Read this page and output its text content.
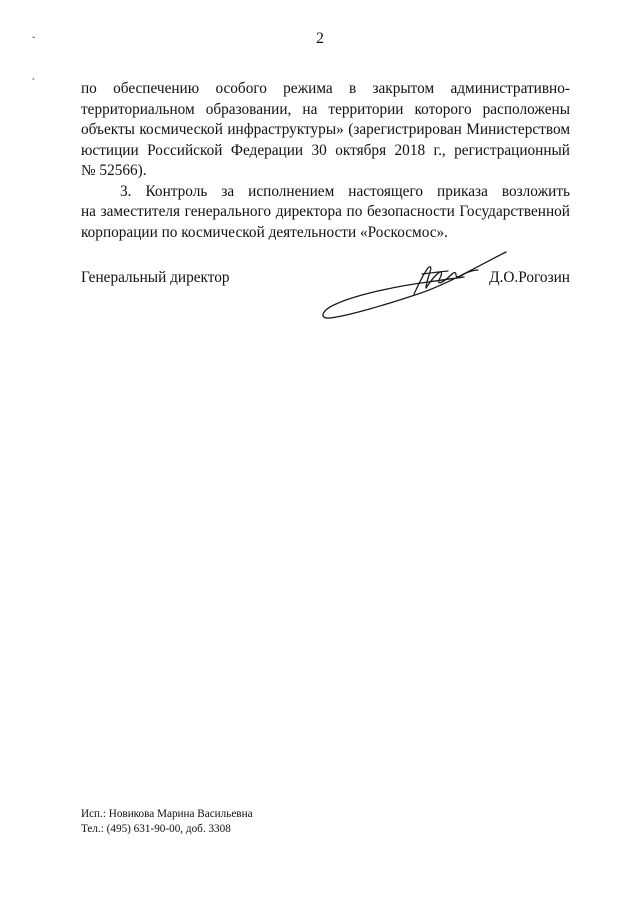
2
ˇ
˛

по обеспечению особого режима в закрытом административно-
территориальном образовании, на территории которого расположены
объекты космической инфраструктуры» (зарегистрирован Министерством
юстиции Российской Федерации 30 октября 2018 г., регистрационный
№ 52566).

3. Контроль за исполнением настоящего приказа возложить
на заместителя генерального директора по безопасности Государственной
корпорации по космической деятельности «Роскосмос».

Генеральный директор	Д.О.Рогозин
Исп.: Новикова Марина Васильевна
Тел.: (495) 631-90-00, доб. 3308
